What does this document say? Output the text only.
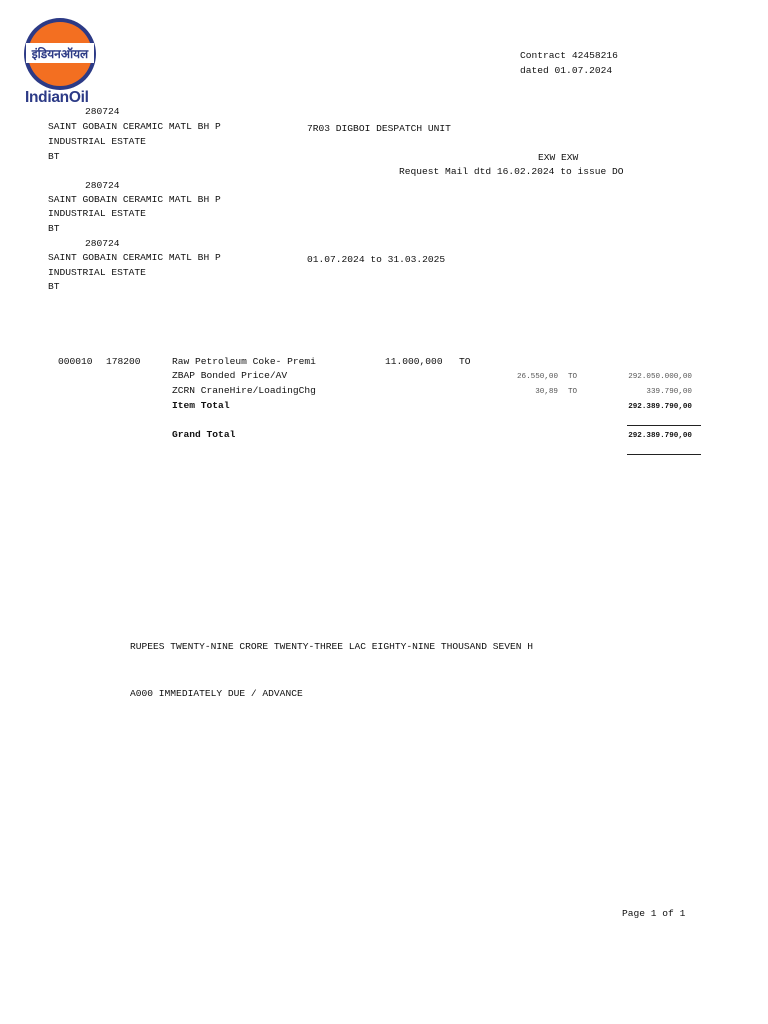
इंडियनऑयल
IndianOil
Contract 42458216
dated 01.07.2024
280724
SAINT GOBAIN CERAMIC MATL BH P
INDUSTRIAL ESTATE
BT
7R03 DIGBOI DESPATCH UNIT
EXW EXW
Request Mail dtd 16.02.2024 to issue DO
280724
SAINT GOBAIN CERAMIC MATL BH P
INDUSTRIAL ESTATE
BT
280724
SAINT GOBAIN CERAMIC MATL BH P
INDUSTRIAL ESTATE
BT
01.07.2024 to 31.03.2025
000010 178200	Raw Petroleum Coke- Premi	11.000,000 TO
ZBAP Bonded Price/AV	26.550,00 TO	292.050.000,00
ZCRN CraneHire/LoadingChg	30,89 TO	339.790,00
Item Total	292.389.790,00
Grand Total	292.389.790,00
RUPEES TWENTY-NINE CRORE TWENTY-THREE LAC EIGHTY-NINE THOUSAND SEVEN H
A000 IMMEDIATELY DUE / ADVANCE
Page 1 of 1
